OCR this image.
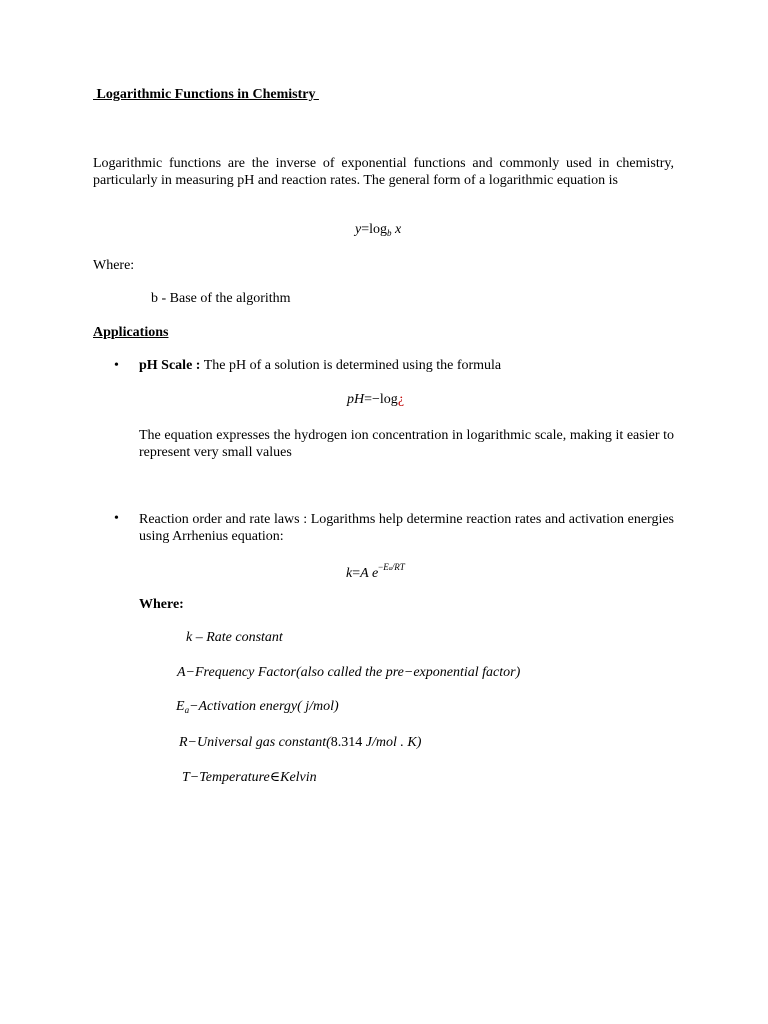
Logarithmic Functions in Chemistry
Logarithmic functions are the inverse of exponential functions and commonly used in chemistry, particularly in measuring pH and reaction rates. The general form of a logarithmic equation is
$y=\log_b$ x
Where:
b - Base of the algorithm
Applications
• pH Scale : The pH of a solution is determined using the formula
pH=−log¿
The equation expresses the hydrogen ion concentration in logarithmic scale, making it easier to represent very small values
• Reaction order and rate laws : Logarithms help determine reaction rates and activation energies using Arrhenius equation:
k=A $e^{-Ea/RT}$
Where:
k – Rate constant
A−Frequency Factor(also called the pre−exponential factor)
$E_a-Activation$ energy( j/mol)
R−Universal gas constant(8.314 J/mol . K)
T−Temperature∈Kelvin
